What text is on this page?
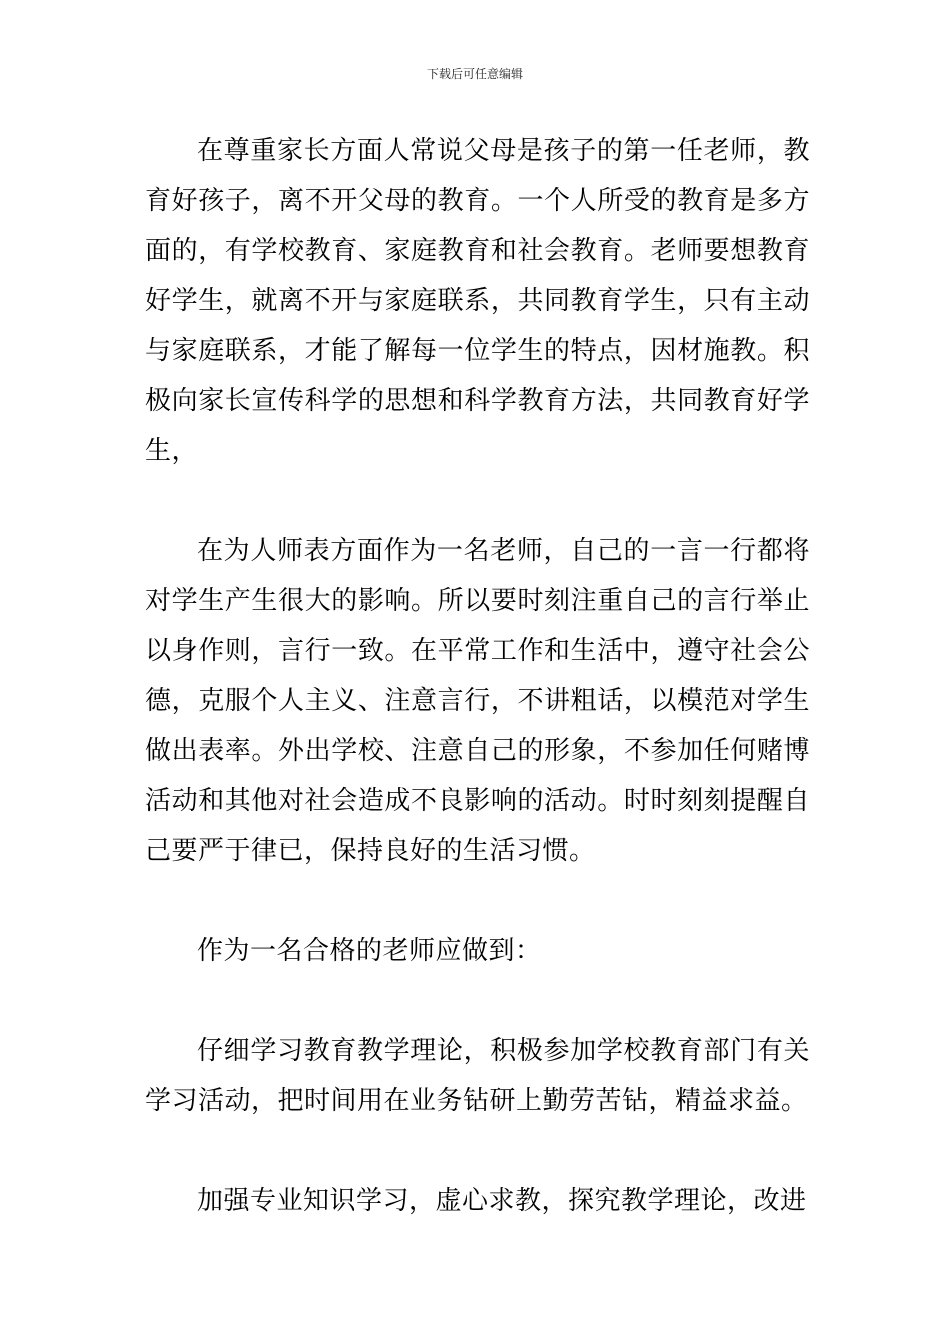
下载后可任意编辑

在尊重家长方面人常说父母是孩子的第一任老师，教育好孩子，离不开父母的教育。一个人所受的教育是多方面的，有学校教育、家庭教育和社会教育。老师要想教育好学生，就离不开与家庭联系，共同教育学生，只有主动与家庭联系，才能了解每一位学生的特点，因材施教。积极向家长宣传科学的思想和科学教育方法，共同教育好学生，

在为人师表方面作为一名老师，自己的一言一行都将对学生产生很大的影响。所以要时刻注重自己的言行举止以身作则，言行一致。在平常工作和生活中，遵守社会公德，克服个人主义、注意言行，不讲粗话，以模范对学生做出表率。外出学校、注意自己的形象，不参加任何赌博活动和其他对社会造成不良影响的活动。时时刻刻提醒自己要严于律已，保持良好的生活习惯。

作为一名合格的老师应做到：

仔细学习教育教学理论，积极参加学校教育部门有关学习活动，把时间用在业务钻研上勤劳苦钻，精益求益。

加强专业知识学习，虚心求教，探究教学理论，改进
